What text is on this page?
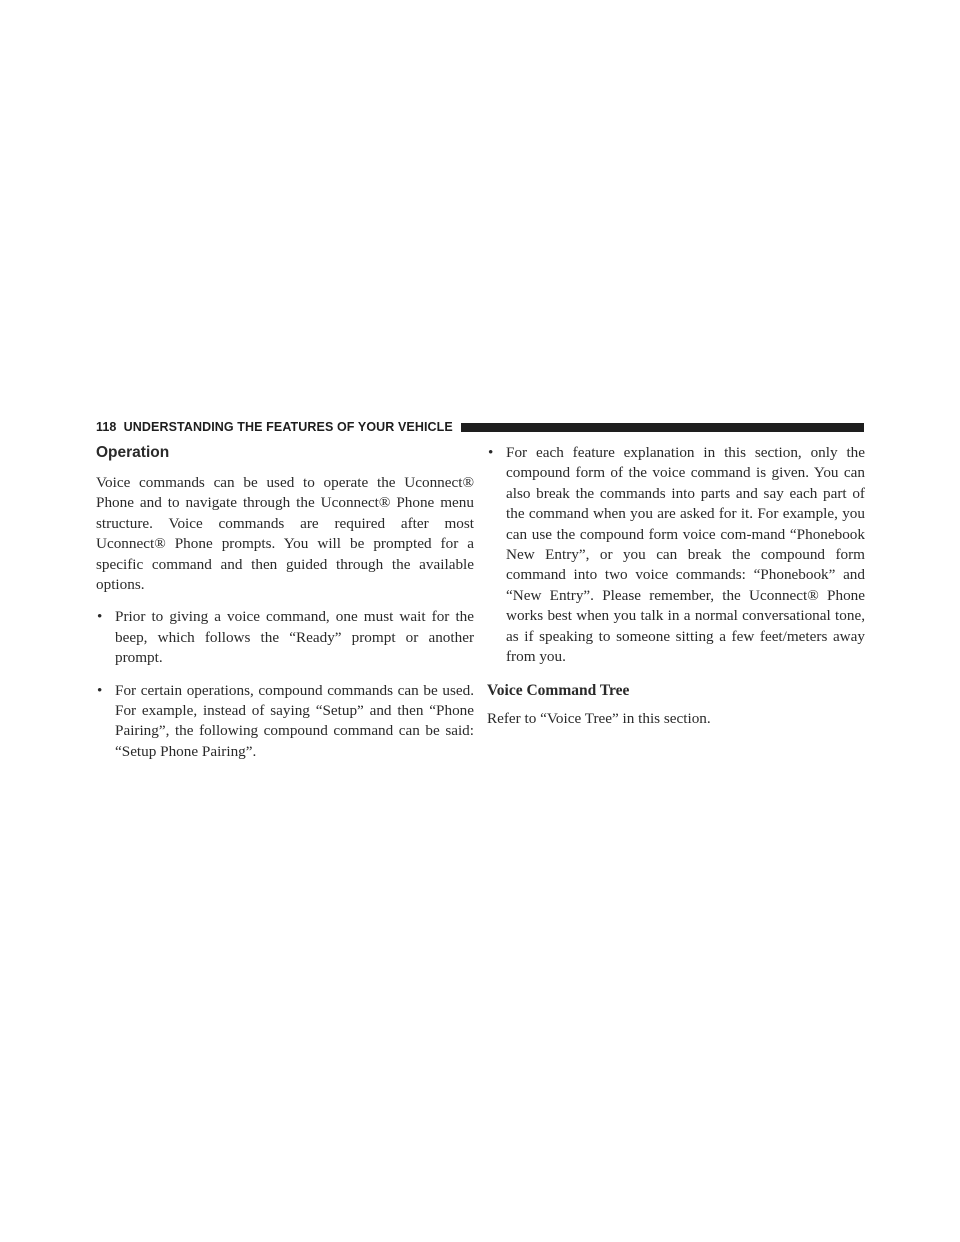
118 UNDERSTANDING THE FEATURES OF YOUR VEHICLE
Operation

Voice commands can be used to operate the Uconnect® Phone and to navigate through the Uconnect® Phone menu structure. Voice commands are required after most Uconnect® Phone prompts. You will be prompted for a specific command and then guided through the available options.

• Prior to giving a voice command, one must wait for the beep, which follows the “Ready” prompt or another prompt.
• For certain operations, compound commands can be used. For example, instead of saying “Setup” and then “Phone Pairing”, the following compound command can be said: “Setup Phone Pairing”.
• For each feature explanation in this section, only the compound form of the voice command is given. You can also break the commands into parts and say each part of the command when you are asked for it. For example, you can use the compound form voice com-mand “Phonebook New Entry”, or you can break the compound form command into two voice commands: “Phonebook” and “New Entry”. Please remember, the Uconnect® Phone works best when you talk in a normal conversational tone, as if speaking to someone sitting a few feet/meters away from you.
Voice Command Tree

Refer to “Voice Tree” in this section.
